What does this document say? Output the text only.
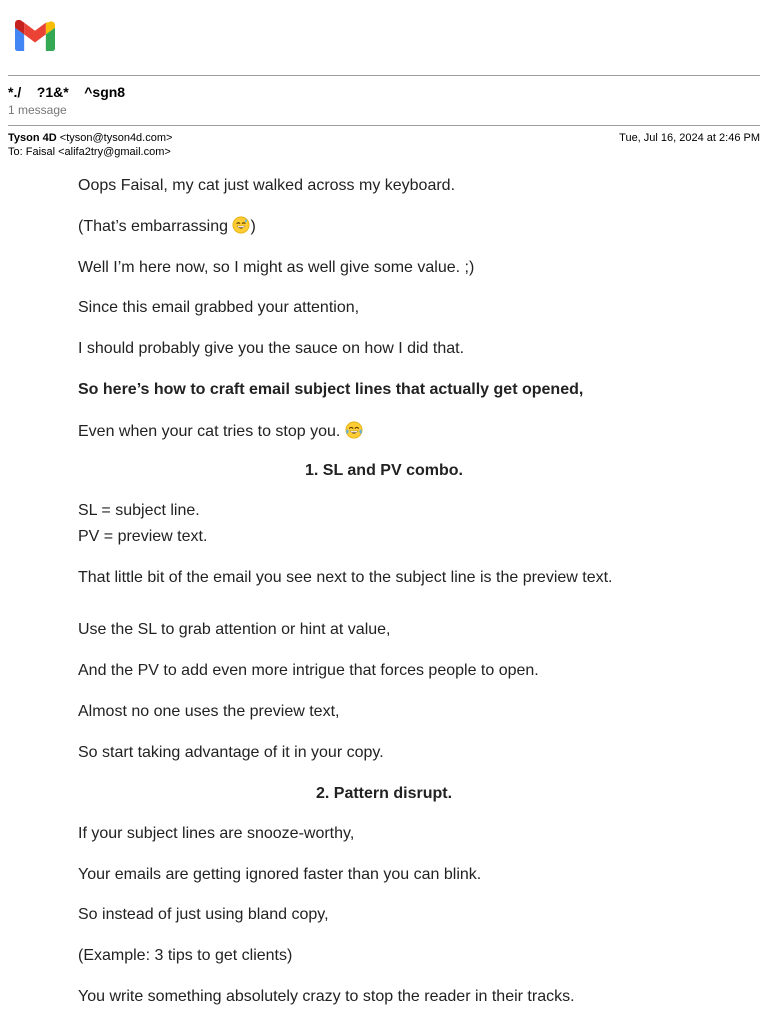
*./    ?1&*    ^sgn8
1 message
Tyson 4D <tyson@tyson4d.com>	Tue, Jul 16, 2024 at 2:46 PM
To: Faisal <alifa2try@gmail.com>
Oops Faisal, my cat just walked across my keyboard.
(That’s embarrassing )
Well I’m here now, so I might as well give some value. ;)
Since this email grabbed your attention,
I should probably give you the sauce on how I did that.
So here’s how to craft email subject lines that actually get opened,
Even when your cat tries to stop you.
1. SL and PV combo.
SL = subject line.
PV = preview text.
That little bit of the email you see next to the subject line is the preview text.
Use the SL to grab attention or hint at value,
And the PV to add even more intrigue that forces people to open.
Almost no one uses the preview text,
So start taking advantage of it in your copy.
2. Pattern disrupt.
If your subject lines are snooze-worthy,
Your emails are getting ignored faster than you can blink.
So instead of just using bland copy,
(Example: 3 tips to get clients)
You write something absolutely crazy to stop the reader in their tracks.
